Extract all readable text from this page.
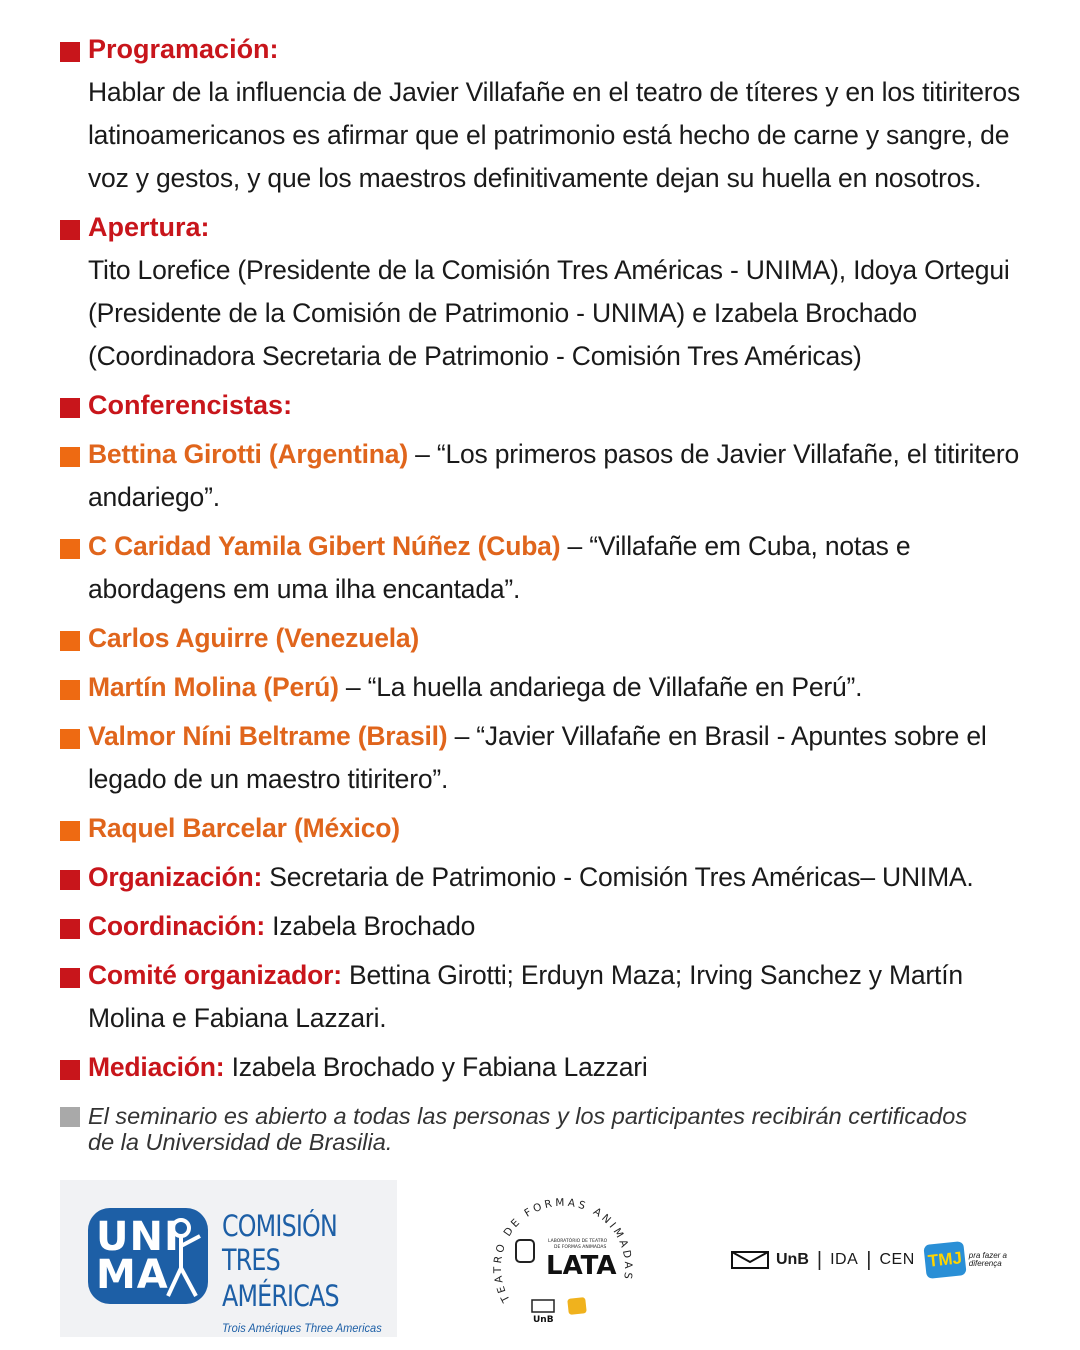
Programación:
Hablar de la influencia de Javier Villafañe en el teatro de títeres y en los titiriteros latinoamericanos es afirmar que el patrimonio está hecho de carne y sangre, de voz y gestos, y que los maestros definitivamente dejan su huella en nosotros.
Apertura:
Tito Lorefice (Presidente de la Comisión Tres Américas - UNIMA), Idoya Ortegui (Presidente de la Comisión de Patrimonio - UNIMA) e Izabela Brochado (Coordinadora Secretaria de Patrimonio - Comisión Tres Américas)
Conferencistas:
Bettina Girotti (Argentina) – “Los primeros pasos de Javier Villafañe, el titiritero andariego”.
C Caridad Yamila Gibert Núñez (Cuba) – “Villafañe em Cuba, notas e abordagens em uma ilha encantada”.
Carlos Aguirre (Venezuela)
Martín Molina (Perú) – “La huella andariega de Villafañe en Perú”.
Valmor Níni Beltrame (Brasil) – “Javier Villafañe en Brasil - Apuntes sobre el legado de un maestro titiritero”.
Raquel Barcelar (México)
Organización: Secretaria de Patrimonio - Comisión Tres Américas– UNIMA.
Coordinación: Izabela Brochado
Comité organizador: Bettina Girotti; Erduyn Maza; Irving Sanchez y Martín Molina e Fabiana Lazzari.
Mediación: Izabela Brochado y Fabiana Lazzari
El seminario es abierto a todas las personas y los participantes recibirán certificados
de la Universidad de Brasilia.
UNI
MA
COMISIÓN
TRES AMÉRICAS
Trois Amériques Three Americas
TEATRO DE FORMAS ANIMADAS
LABORATÓRIO DE TEATRO
DE FORMAS ANIMADAS
LATA
UnB
UnB | IDA | CEN TMJ pra fazer a diferença
